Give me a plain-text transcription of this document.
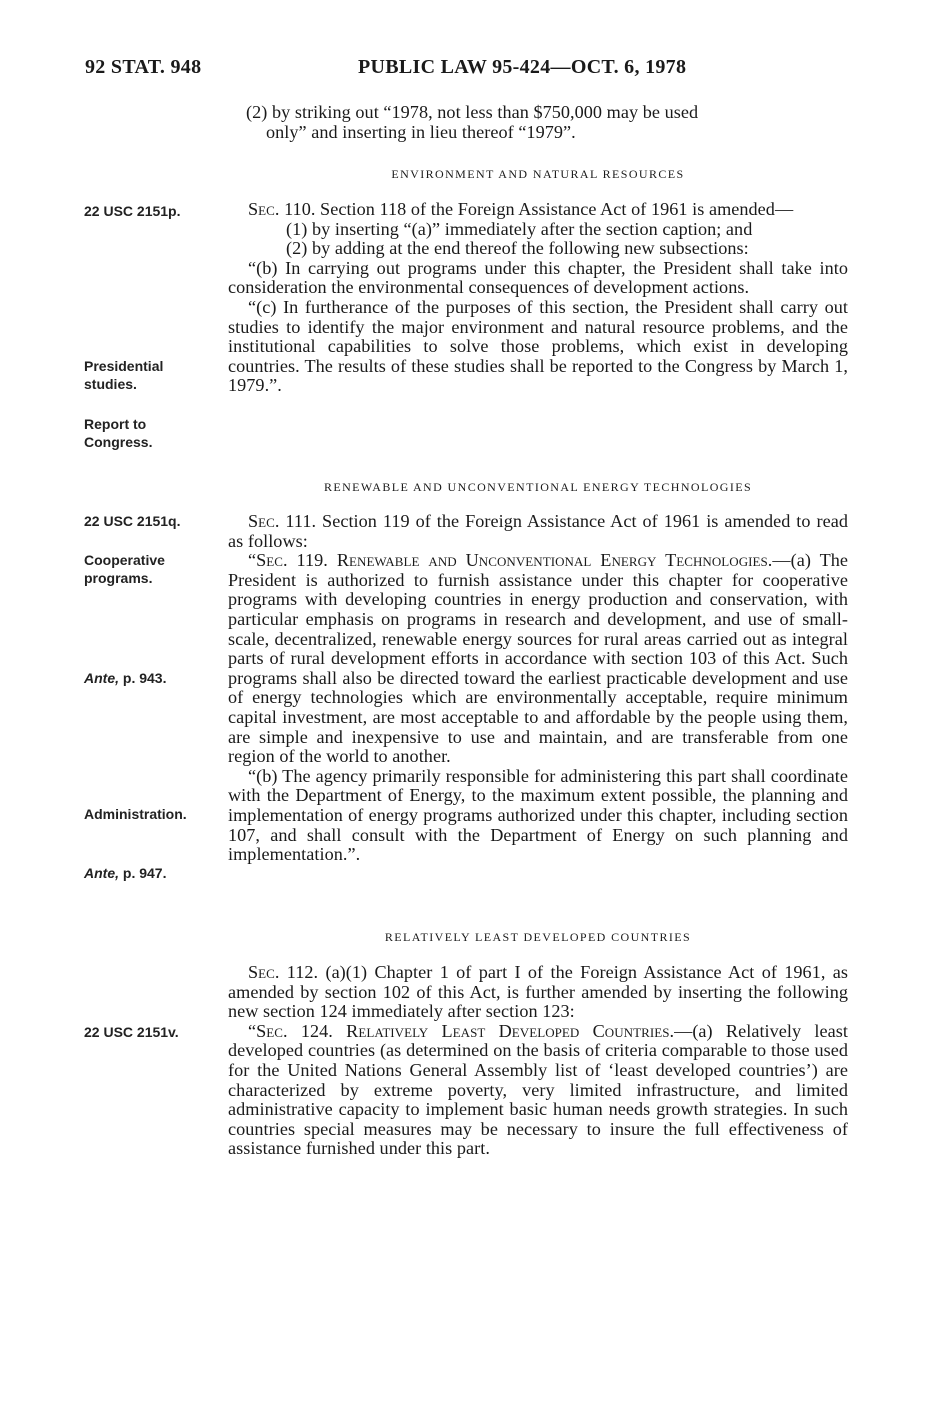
92 STAT. 948	PUBLIC LAW 95-424—OCT. 6, 1978

(2) by striking out “1978, not less than $750,000 may be used

only” and inserting in lieu thereof “1979”.

ENVIRONMENT AND NATURAL RESOURCES
22 USC 2151p.
Presidential studies.
Report to Congress.

Sec. 110. Section 118 of the Foreign Assistance Act of 1961 is amended—

(1) by inserting “(a)” immediately after the section caption; and

(2) by adding at the end thereof the following new subsections:

“(b) In carrying out programs under this chapter, the President shall take into consideration the environmental consequences of development actions.

“(c) In furtherance of the purposes of this section, the President shall carry out studies to identify the major environment and natural resource problems, and the institutional capabilities to solve those problems, which exist in developing countries. The results of these studies shall be reported to the Congress by March 1, 1979.”.

RENEWABLE AND UNCONVENTIONAL ENERGY TECHNOLOGIES
22 USC 2151q.
Cooperative programs.
Ante, p. 943.
Administration.
Ante, p. 947.

Sec. 111. Section 119 of the Foreign Assistance Act of 1961 is amended to read as follows:

“Sec. 119. Renewable and Unconventional Energy Technologies.—(a) The President is authorized to furnish assistance under this chapter for cooperative programs with developing countries in energy production and conservation, with particular emphasis on programs in research and development, and use of small-scale, decentralized, renewable energy sources for rural areas carried out as integral parts of rural development efforts in accordance with section 103 of this Act. Such programs shall also be directed toward the earliest practicable development and use of energy technologies which are environmentally acceptable, require minimum capital investment, are most acceptable to and affordable by the people using them, are simple and inexpensive to use and maintain, and are transferable from one region of the world to another.

“(b) The agency primarily responsible for administering this part shall coordinate with the Department of Energy, to the maximum extent possible, the planning and implementation of energy programs authorized under this chapter, including section 107, and shall consult with the Department of Energy on such planning and implementation.”.

RELATIVELY LEAST DEVELOPED COUNTRIES
22 USC 2151v.

Sec. 112. (a)(1) Chapter 1 of part I of the Foreign Assistance Act of 1961, as amended by section 102 of this Act, is further amended by inserting the following new section 124 immediately after section 123:

“Sec. 124. Relatively Least Developed Countries.—(a) Relatively least developed countries (as determined on the basis of criteria comparable to those used for the United Nations General Assembly list of ‘least developed countries’) are characterized by extreme poverty, very limited infrastructure, and limited administrative capacity to implement basic human needs growth strategies. In such countries special measures may be necessary to insure the full effectiveness of assistance furnished under this part.
